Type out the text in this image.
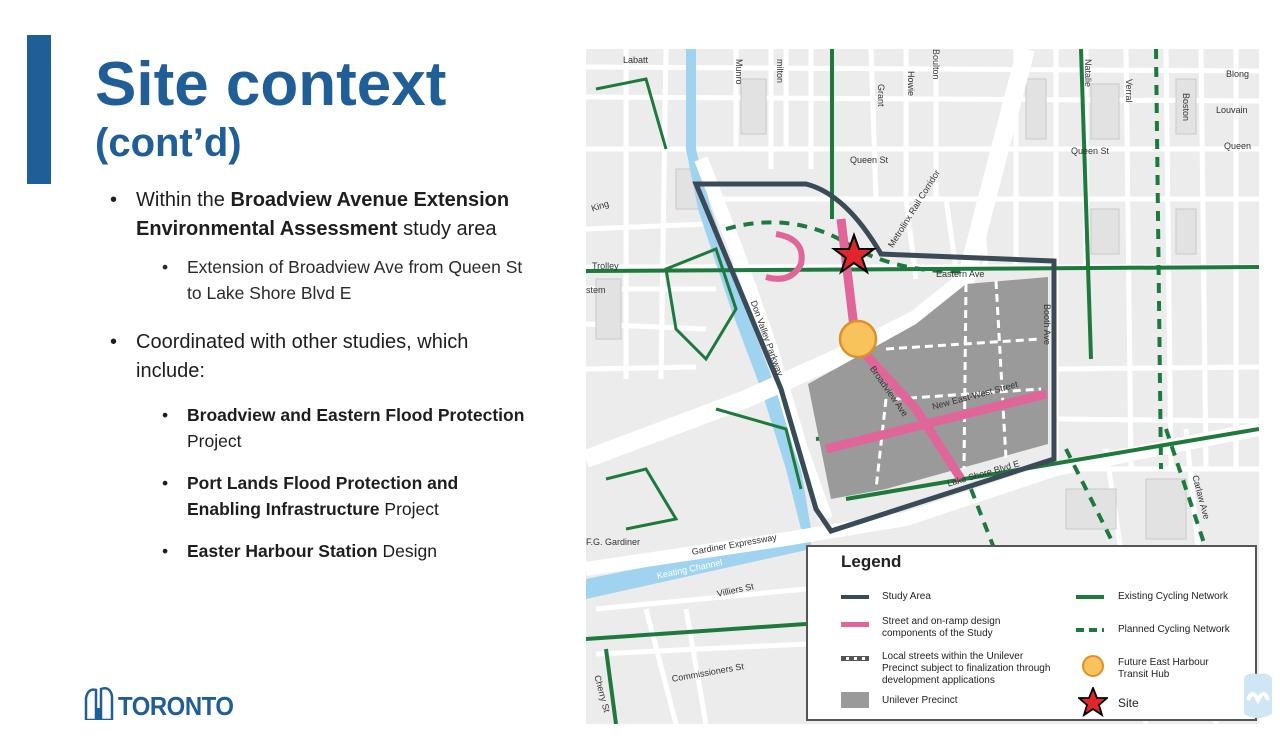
Site context
(cont’d)
• Within the Broadview Avenue Extension Environmental Assessment study area
• Extension of Broadview Ave from Queen St to Lake Shore Blvd E
• Coordinated with other studies, which include:
• Broadview and Eastern Flood Protection Project
• Port Lands Flood Protection and Enabling Infrastructure Project
• Easter Harbour Station Design
TORONTO
Labatt	Munro	milton
Grant Howie
Boulton	Natalie
Verral
Boston
Blong
Louvain
Queen St
Queen St	Queen
King
Trolley
stem
Eastern Ave
Metrolinx Rail Corridor
Don Valley Parkway
Broadview Ave New East-West Street
Lake Shore Blvd E
Booth Ave
Gardiner Expressway
F.G. Gardiner
Keating Channel
Villiers St
Commissioners St
Cherry St
Carlaw Ave
Legend
Study Area
Street and on-ramp design components of the Study
Local streets within the Unilever Precinct subject to finalization through development applications
Unilever Precinct
Existing Cycling Network
Planned Cycling Network
Future East Harbour Transit Hub
Site
